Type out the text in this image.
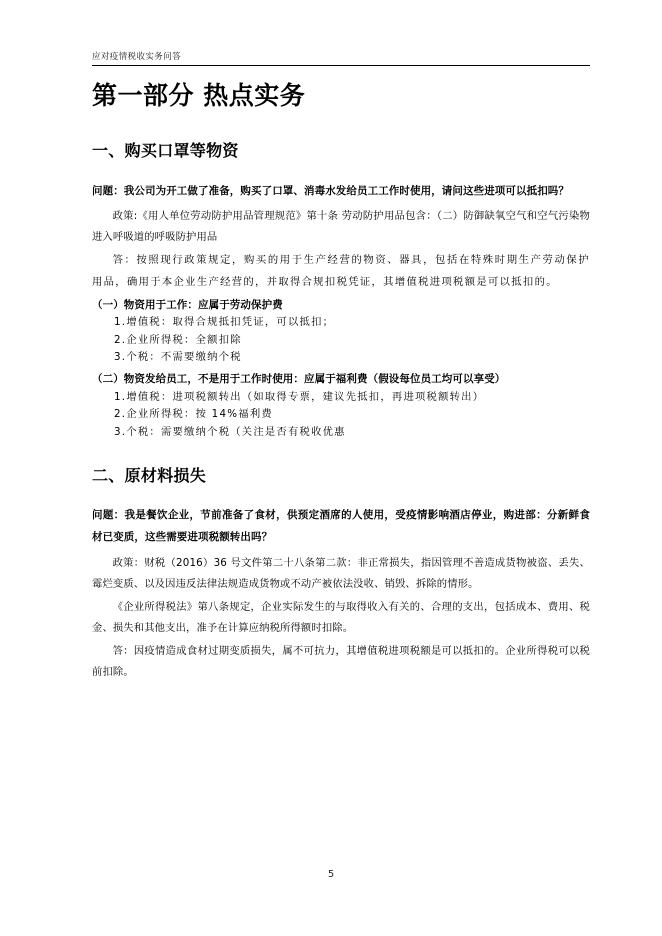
应对疫情税收实务问答
第一部分 热点实务
一、购买口罩等物资

问题：我公司为开工做了准备，购买了口罩、消毒水发给员工工作时使用，请问这些进项可以抵扣吗？

政策:《用人单位劳动防护用品管理规范》第十条 劳动防护用品包含：（二）防御缺氧空气和空气污染物进入呼吸道的呼吸防护用品

答：按照现行政策规定，购买的用于生产经营的物资、器具，包括在特殊时期生产劳动保护用品，确用于本企业生产经营的，并取得合规扣税凭证，其增值税进项税额是可以抵扣的。

（一）物资用于工作：应属于劳动保护费
1.增值税：取得合规抵扣凭证，可以抵扣；
2.企业所得税：全额扣除
3.个税：不需要缴纳个税
（二）物资发给员工，不是用于工作时使用：应属于福利费（假设每位员工均可以享受）
1.增值税：进项税额转出（如取得专票，建议先抵扣，再进项税额转出）
2.企业所得税：按 14%福利费
3.个税：需要缴纳个税（关注是否有税收优惠
二、原材料损失

问题：我是餐饮企业，节前准备了食材，供预定酒席的人使用，受疫情影响酒店停业，购进部：分新鲜食材已变质，这些需要进项税额转出吗？

政策：财税（2016）36 号文件第二十八条第二款：非正常损失，指因管理不善造成货物被盗、丢失、霉烂变质、以及因违反法律法规造成货物或不动产被依法没收、销毁、拆除的情形。

《企业所得税法》第八条规定，企业实际发生的与取得收入有关的、合理的支出，包括成本、费用、税金、损失和其他支出，准予在计算应纳税所得额时扣除。

答：因疫情造成食材过期变质损失，属不可抗力，其增值税进项税额是可以抵扣的。企业所得税可以税前扣除。

5
